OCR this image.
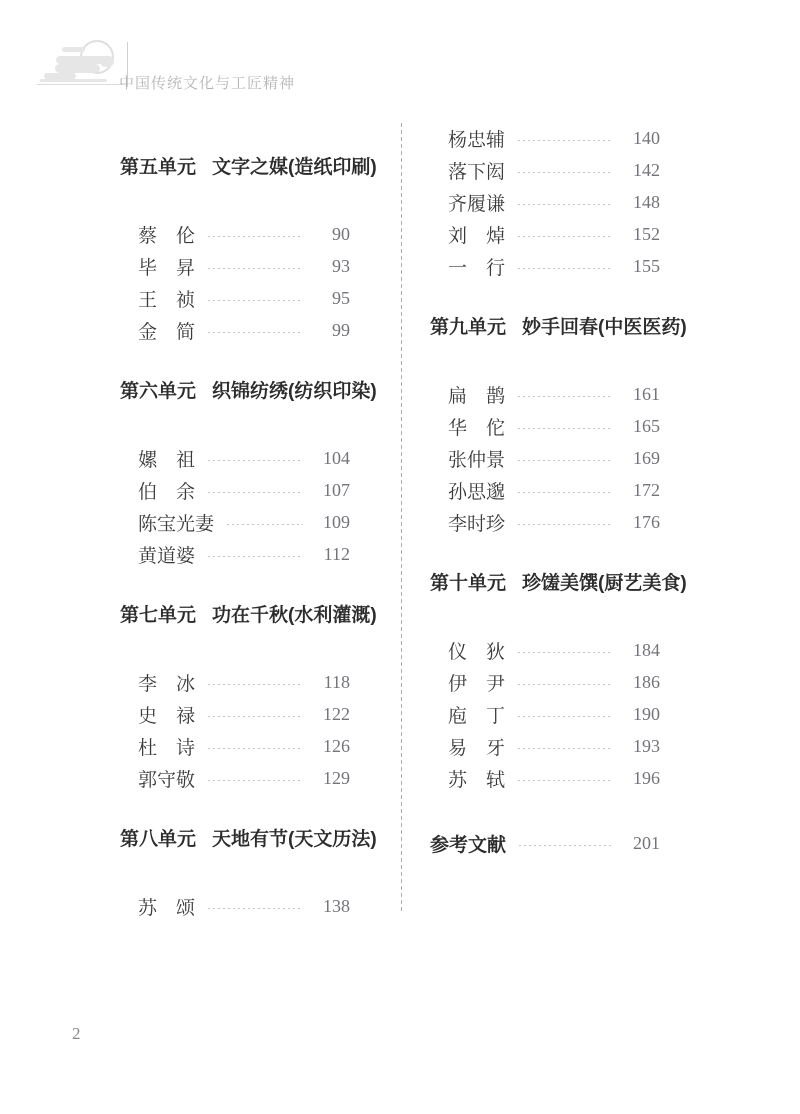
中国传统文化与工匠精神
第五单元 文字之媒(造纸印刷)
蔡伦	90
毕昇	93
王祯	95
金简	99
第六单元 织锦纺绣(纺织印染)
嫘祖	104
伯余	107
陈宝光妻	109
黄道婆	112
第七单元 功在千秋(水利灌溉)
李冰	118
史禄	122
杜诗	126
郭守敬	129
第八单元 天地有节(天文历法)
苏颂	138
杨忠辅	140
落下闳	142
齐履谦	148
刘焯	152
一行	155
第九单元 妙手回春(中医医药)
扁鹊	161
华佗	165
张仲景	169
孙思邈	172
李时珍	176
第十单元 珍馐美馔(厨艺美食)
仪狄	184
伊尹	186
庖丁	190
易牙	193
苏轼	196
参考文献	201
2
